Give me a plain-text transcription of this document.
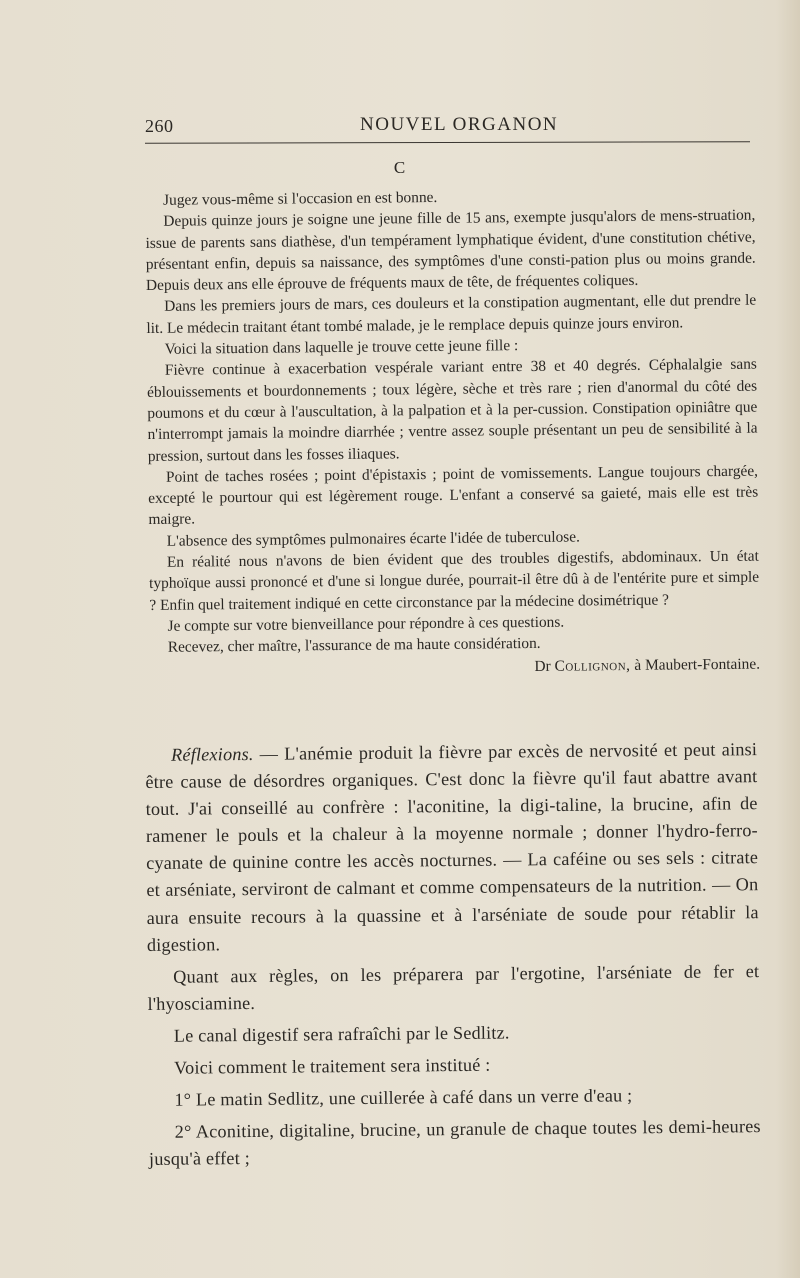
260	NOUVEL ORGANON
C

Jugez vous-même si l'occasion en est bonne.

Depuis quinze jours je soigne une jeune fille de 15 ans, exempte jusqu'alors de mens-struation, issue de parents sans diathèse, d'un tempérament lymphatique évident, d'une constitution chétive, présentant enfin, depuis sa naissance, des symptômes d'une consti-pation plus ou moins grande. Depuis deux ans elle éprouve de fréquents maux de tête, de fréquentes coliques.

Dans les premiers jours de mars, ces douleurs et la constipation augmentant, elle dut prendre le lit. Le médecin traitant étant tombé malade, je le remplace depuis quinze jours environ.

Voici la situation dans laquelle je trouve cette jeune fille :

Fièvre continue à exacerbation vespérale variant entre 38 et 40 degrés. Céphalalgie sans éblouissements et bourdonnements ; toux légère, sèche et très rare ; rien d'anormal du côté des poumons et du cœur à l'auscultation, à la palpation et à la per-cussion. Constipation opiniâtre que n'interrompt jamais la moindre diarrhée ; ventre assez souple présentant un peu de sensibilité à la pression, surtout dans les fosses iliaques.

Point de taches rosées ; point d'épistaxis ; point de vomissements. Langue toujours chargée, excepté le pourtour qui est légèrement rouge. L'enfant a conservé sa gaieté, mais elle est très maigre.

L'absence des symptômes pulmonaires écarte l'idée de tuberculose.

En réalité nous n'avons de bien évident que des troubles digestifs, abdominaux. Un état typhoïque aussi prononcé et d'une si longue durée, pourrait-il être dû à de l'entérite pure et simple ? Enfin quel traitement indiqué en cette circonstance par la médecine dosimétrique ?

Je compte sur votre bienveillance pour répondre à ces questions.

Recevez, cher maître, l'assurance de ma haute considération.

Dr Collignon, à Maubert-Fontaine.

Réflexions. — L'anémie produit la fièvre par excès de nervosité et peut ainsi être cause de désordres organiques. C'est donc la fièvre qu'il faut abattre avant tout. J'ai conseillé au confrère : l'aconitine, la digi-taline, la brucine, afin de ramener le pouls et la chaleur à la moyenne normale ; donner l'hydro-ferro-cyanate de quinine contre les accès nocturnes. — La caféine ou ses sels : citrate et arséniate, serviront de calmant et comme compensateurs de la nutrition. — On aura ensuite recours à la quassine et à l'arséniate de soude pour rétablir la digestion.

Quant aux règles, on les préparera par l'ergotine, l'arséniate de fer et l'hyosciamine.

Le canal digestif sera rafraîchi par le Sedlitz.

Voici comment le traitement sera institué :

1° Le matin Sedlitz, une cuillerée à café dans un verre d'eau ;

2° Aconitine, digitaline, brucine, un granule de chaque toutes les demi-heures jusqu'à effet ;
